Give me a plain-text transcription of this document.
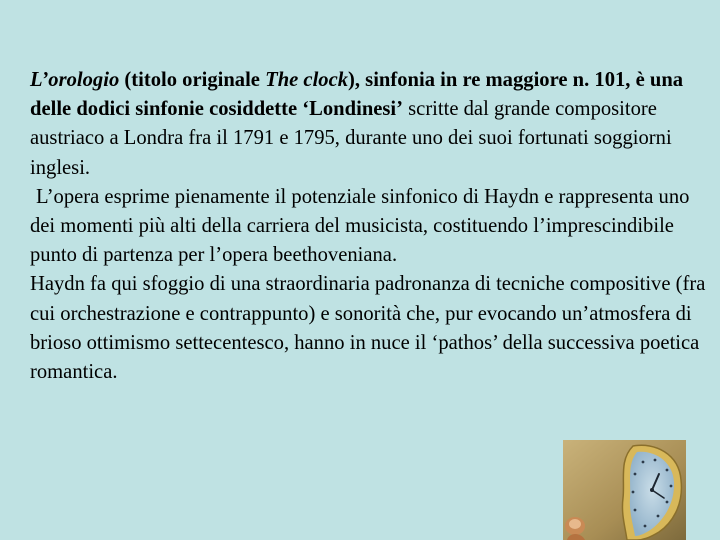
L’orologio (titolo originale The clock), sinfonia in re maggiore n. 101, è una delle dodici sinfonie cosiddette ‘Londinesi’ scritte dal grande compositore austriaco a Londra fra il 1791 e 1795, durante uno dei suoi fortunati soggiorni inglesi.

L’opera esprime pienamente il potenziale sinfonico di Haydn e rappresenta uno dei momenti più alti della carriera del musicista, costituendo l’imprescindibile punto di partenza per l’opera beethoveniana.

Haydn fa qui sfoggio di una straordinaria padronanza di tecniche compositive (fra cui orchestrazione e contrappunto) e sonorità che, pur evocando un’atmosfera di brioso ottimismo settecentesco, hanno in nuce il ‘pathos’ della successiva poetica romantica.
